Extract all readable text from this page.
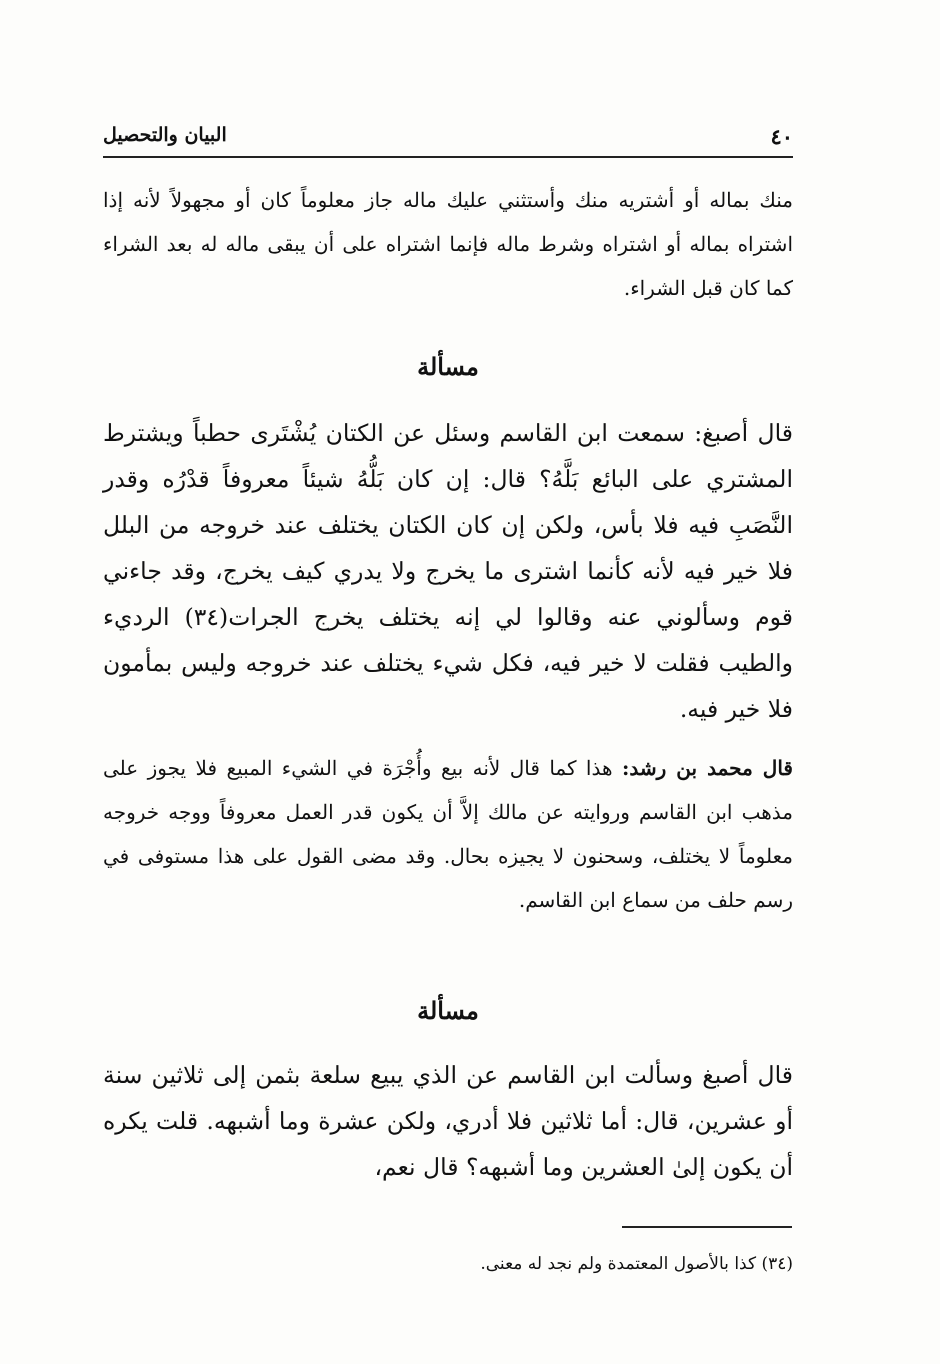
٤٠
البيان والتحصيل
منك بماله أو أشتريه منك وأستثني عليك ماله جاز معلوماً كان أو مجهولاً لأنه إذا اشتراه بماله أو اشتراه وشرط ماله فإنما اشتراه على أن يبقى ماله له بعد الشراء كما كان قبل الشراء.
مسألة
قال أصبغ: سمعت ابن القاسم وسئل عن الكتان يُشْتَرى حطباً ويشترط المشتري على البائع بَلَّهُ؟ قال: إن كان بَلُّهُ شيئاً معروفاً قدْرُه وقدر النَّصَبِ فيه فلا بأس، ولكن إن كان الكتان يختلف عند خروجه من البلل فلا خير فيه لأنه كأنما اشترى ما يخرج ولا يدري كيف يخرج، وقد جاءني قوم وسألوني عنه وقالوا لي إنه يختلف يخرج الجرات(٣٤) الرديء والطيب فقلت لا خير فيه، فكل شيء يختلف عند خروجه وليس بمأمون فلا خير فيه.
قال محمد بن رشد: هذا كما قال لأنه بيع وأُجْرَة في الشيء المبيع فلا يجوز على مذهب ابن القاسم وروايته عن مالك إلاَّ أن يكون قدر العمل معروفاً ووجه خروجه معلوماً لا يختلف، وسحنون لا يجيزه بحال. وقد مضى القول على هذا مستوفى في رسم حلف من سماع ابن القاسم.
مسألة
قال أصبغ وسألت ابن القاسم عن الذي يبيع سلعة بثمن إلى ثلاثين سنة أو عشرين، قال: أما ثلاثين فلا أدري، ولكن عشرة وما أشبهه. قلت يكره أن يكون إلىٰ العشرين وما أشبهه؟ قال نعم،
(٣٤) كذا بالأصول المعتمدة ولم نجد له معنى.
